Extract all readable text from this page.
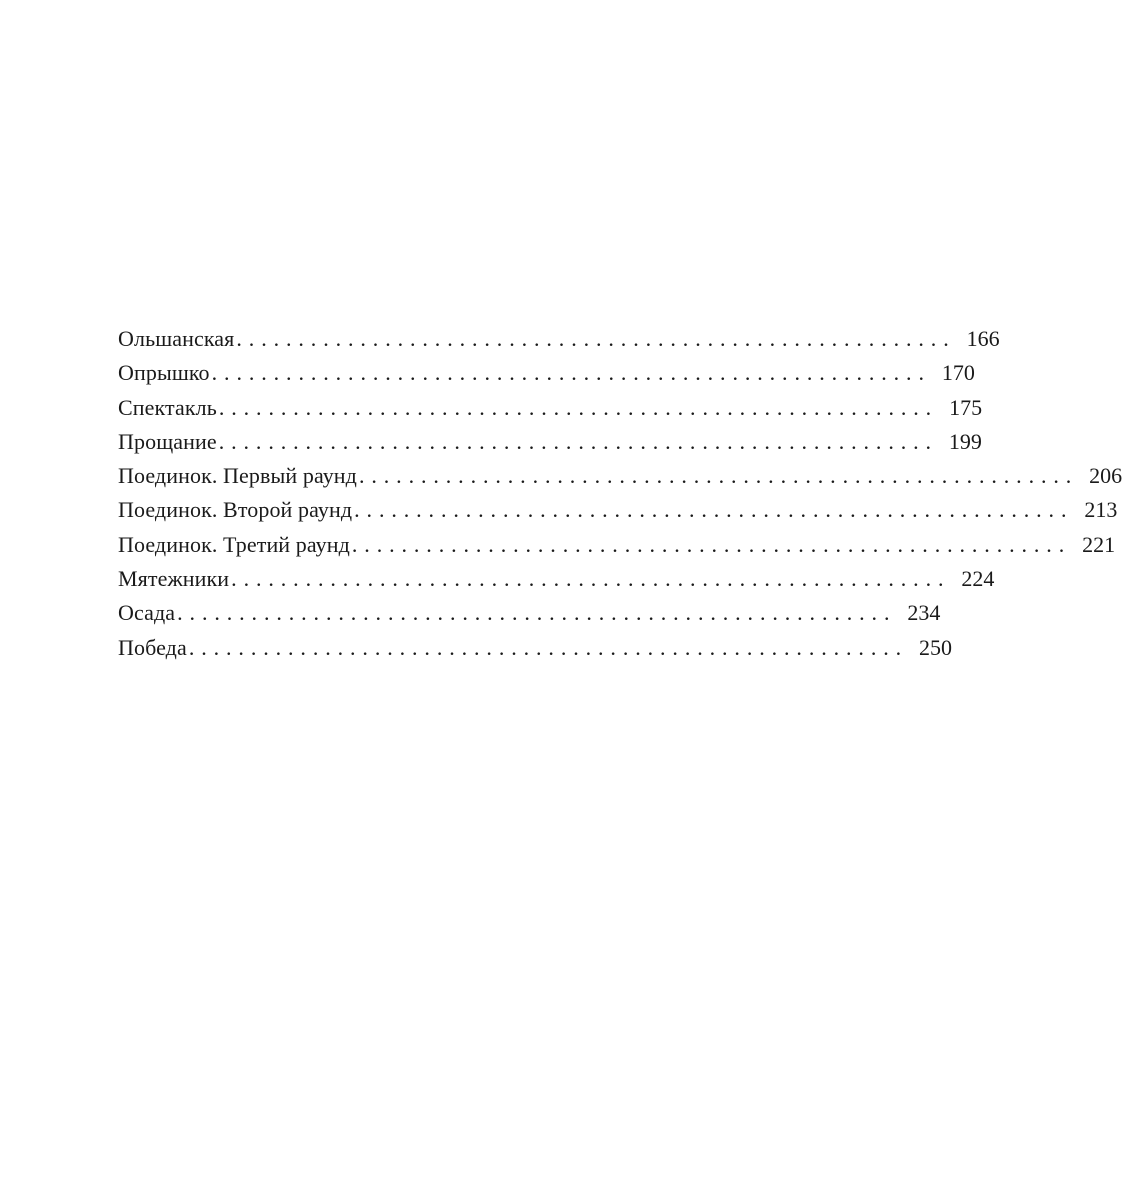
Ольшанская .......................................................... 166
Опрышко .......................................................... 170
Спектакль .......................................................... 175
Прощание .......................................................... 199
Поединок. Первый раунд .......................................................... 206
Поединок. Второй раунд .......................................................... 213
Поединок. Третий раунд .......................................................... 221
Мятежники .......................................................... 224
Осада .......................................................... 234
Победа .......................................................... 250
